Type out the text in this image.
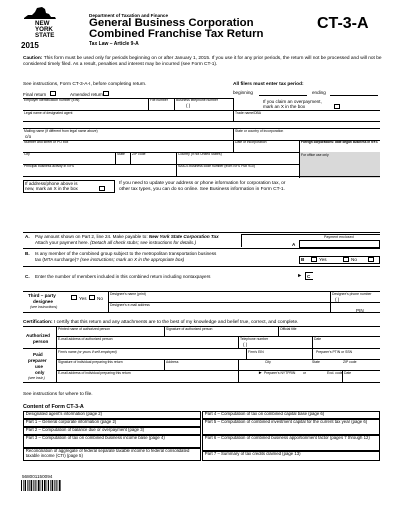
NEW
YORK
STATE
2015
Department of Taxation and Finance
General Business Corporation
Combined Franchise Tax Return
Tax Law – Article 9-A
CT-3-A
Caution: This form must be used only for periods beginning on or after January 1, 2015. If you use it for any prior periods, the return will not be processed and will not be considered timely filed. As a result, penalties and interest may be incurred (see Form CT-1).
See instructions, Form CT-3-A-I, before completing return.	All filers must enter tax period:
beginning	ending
Final return	Amended return
Employer identification number (EIN)	File number Business telephone number
( )
If you claim an overpayment,
mark an X in the box
Legal name of designated agent	Trade name/DBA
Mailing name (if different from legal name above)
c/o
State or country of incorporation
Number and street or PO box	Date of incorporation	Foreign corporations: date began business in NYS
City	State ZIP code	Country (if not United States)	For office use only
Principal business activity in NYS	NAICS business code number (from NYS Pub 910)
If address/phone above is
new, mark an X in the box
If you need to update your address or phone information for corporation tax, or
other tax types, you can do so online. See Business information in Form CT-1.
A. Pay amount shown on Part 2, line 24. Make payable to: New York State Corporation Tax
Attach your payment here. (Detach all check stubs; see instructions for details.)	A
Payment enclosed
B. Is any member of the combined group subject to the metropolitan transportation business
tax (MTA surcharge)? (see instructions; mark an X in the appropriate box)	B	Yes	No
C. Enter the number of members included in this combined return including nontaxpayers	► C
Third – party
designee
(see instructions)
Yes No
Designee's name (print)	Designee's phone number
( )
Designee's e-mail address
PIN
Certification: I certify that this return and any attachments are to the best of my knowledge and belief true, correct, and complete.
Authorized
person
Printed name of authorized person	Signature of authorized person	Official title
E-mail address of authorized person	Telephone number
( )
Date
Paid
preparer
use
only
(see instr.)
Firm's name (or yours if self-employed)	Firm's EIN	Preparer's PTIN or SSN
Signature of individual preparing this return	Address	City	State	ZIP code
E-mail address of individual preparing this return	► Preparer's NYTPRIN or	Excl. code Date
See instructions for where to file.
Content of Form CT-3-A
Designated agent's information (page 2)
Part 1 – General corporate information (page 2)
Part 2 – Computation of balance due or overpayment (page 3)
Part 3 – Computation of tax on combined business income base (page 4)
Reconciliation of aggregate of federal separate taxable income to federal consolidated taxable income (CTI) (page 5)
Part 4 – Computation of tax on combined capital base (page 6)
Part 5 – Computation of combined investment capital for the current tax year (page 6)
Part 6 – Computation of combined business apportionment factor (pages 7 through 12)
Part 7 – Summary of tax credits claimed (page 13)
568001150094
